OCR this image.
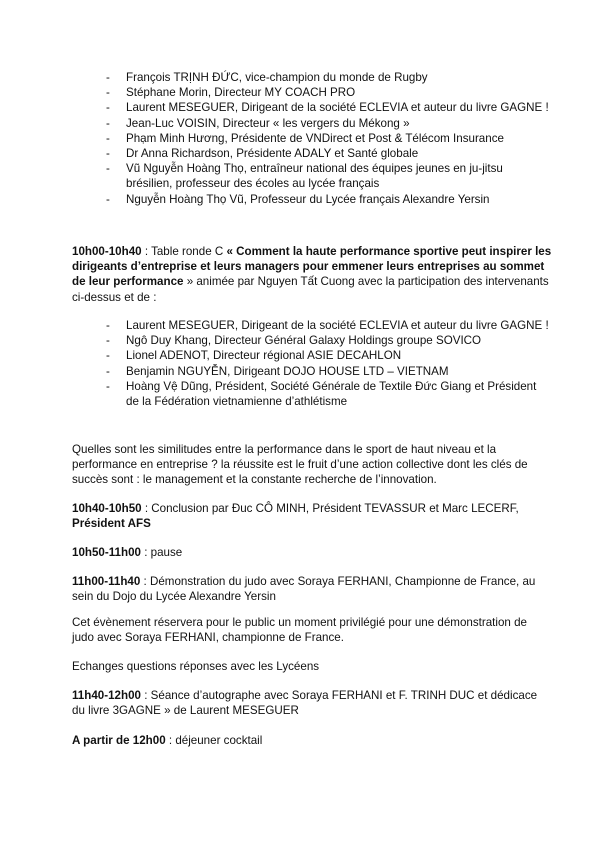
- François TRỊNH ĐỨC, vice-champion du monde de Rugby
- Stéphane Morin, Directeur MY COACH PRO
- Laurent MESEGUER, Dirigeant de la société ECLEVIA et auteur du livre GAGNE !
- Jean-Luc VOISIN, Directeur « les vergers du Mékong »
- Phạm Minh Hương, Présidente de VNDirect et Post & Télécom Insurance
- Dr Anna Richardson, Présidente ADALY et Santé globale
- Vũ Nguyễn Hoàng Thọ, entraîneur national des équipes jeunes en ju-jitsu brésilien, professeur des écoles au lycée français
- Nguyễn Hoàng Thọ Vũ, Professeur du Lycée français Alexandre Yersin

10h00-10h40 : Table ronde C « Comment la haute performance sportive peut inspirer les dirigeants d’entreprise et leurs managers pour emmener leurs entreprises au sommet de leur performance » animée par Nguyen Tất Cuong avec la participation des intervenants ci-dessus et de :

- Laurent MESEGUER, Dirigeant de la société ECLEVIA et auteur du livre GAGNE !
- Ngô Duy Khang, Directeur Général Galaxy Holdings groupe SOVICO
- Lionel ADENOT, Directeur régional ASIE DECAHLON
- Benjamin NGUYỄN, Dirigeant DOJO HOUSE LTD – VIETNAM
- Hoàng Vệ Dũng, Président, Société Générale de Textile Đức Giang et Président de la Fédération vietnamienne d’athlétisme

Quelles sont les similitudes entre la performance dans le sport de haut niveau et la performance en entreprise ? la réussite est le fruit d’une action collective dont les clés de succès sont : le management et la constante recherche de l’innovation.

10h40-10h50 : Conclusion par Đuc CÔ MINH, Président TEVASSUR et Marc LECERF, Président AFS

10h50-11h00 : pause

11h00-11h40 : Démonstration du judo avec Soraya FERHANI, Championne de France, au sein du Dojo du Lycée Alexandre Yersin

Cet évènement réservera pour le public un moment privilégié pour une démonstration de judo avec Soraya FERHANI, championne de France.

Echanges questions réponses avec les Lycéens

11h40-12h00 : Séance d’autographe avec Soraya FERHANI et F. TRINH DUC et dédicace du livre 3GAGNE » de Laurent MESEGUER

A partir de 12h00 : déjeuner cocktail
